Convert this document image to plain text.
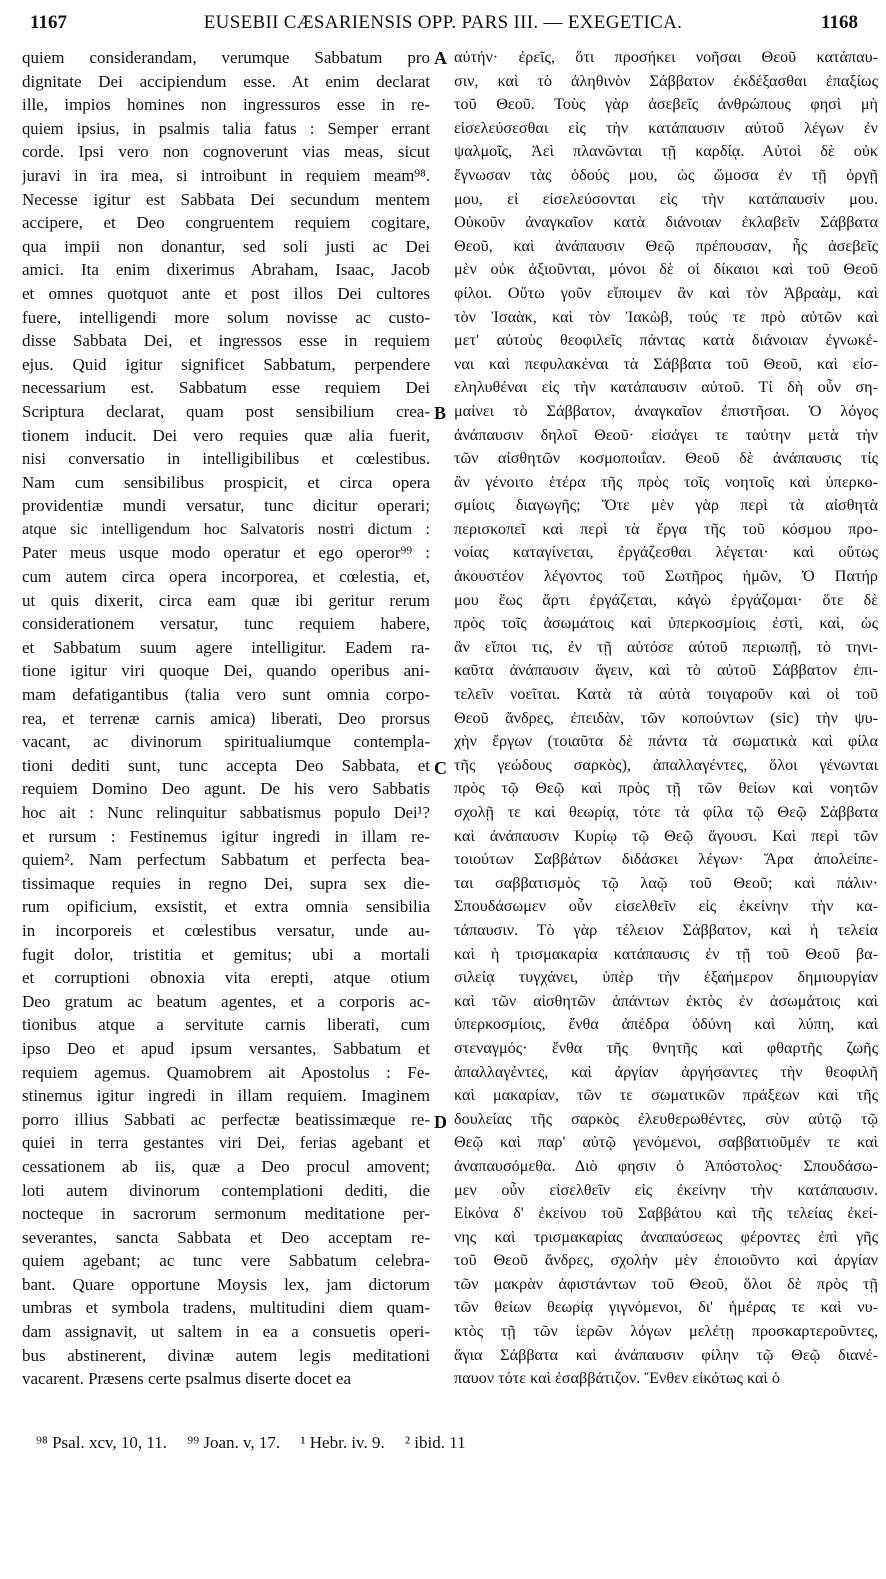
1167	EUSEBII CÆSARIENSIS OPP. PARS III. — EXEGETICA.	1168
quiem considerandam, verumque Sabbatum pro
dignitate Dei accipiendum esse. At enim declarat
ille, impios homines non ingressuros esse in re-
quiem ipsius, in psalmis talia fatus : Semper errant
corde. Ipsi vero non cognoverunt vias meas, sicut
juravi in ira mea, si introibunt in requiem meam⁹⁸.
Necesse igitur est Sabbata Dei secundum mentem
accipere, et Deo congruentem requiem cogitare,
qua impii non donantur, sed soli justi ac Dei
amici. Ita enim dixerimus Abraham, Isaac, Jacob
et omnes quotquot ante et post illos Dei cultores
fuere, intelligendi more solum novisse ac custo-
disse Sabbata Dei, et ingressos esse in requiem
ejus. Quid igitur significet Sabbatum, perpendere
necessarium est. Sabbatum esse requiem Dei
Scriptura declarat, quam post sensibilium crea-
tionem inducit. Dei vero requies quæ alia fuerit,
nisi conversatio in intelligibilibus et cœlestibus.
Nam cum sensibilibus prospicit, et circa opera
providentiæ mundi versatur, tunc dicitur operari;
atque sic intelligendum hoc Salvatoris nostri dictum :
Pater meus usque modo operatur et ego operor⁹⁹ :
cum autem circa opera incorporea, et cœlestia, et,
ut quis dixerit, circa eam quæ ibi geritur rerum
considerationem versatur, tunc requiem habere,
et Sabbatum suum agere intelligitur. Eadem ra-
tione igitur viri quoque Dei, quando operibus ani-
mam defatigantibus (talia vero sunt omnia corpo-
rea, et terrenæ carnis amica) liberati, Deo prorsus
vacant, ac divinorum spiritualiumque contempla-
tioni dediti sunt, tunc accepta Deo Sabbata, et
requiem Domino Deo agunt. De his vero Sabbatis
hoc ait : Nunc relinquitur sabbatismus populo Dei¹?
et rursum : Festinemus igitur ingredi in illam re-
quiem². Nam perfectum Sabbatum et perfecta bea-
tissimaque requies in regno Dei, supra sex die-
rum opificium, exsistit, et extra omnia sensibilia
in incorporeis et cœlestibus versatur, unde au-
fugit dolor, tristitia et gemitus; ubi a mortali
et corruptioni obnoxia vita erepti, atque otium
Deo gratum ac beatum agentes, et a corporis ac-
tionibus atque a servitute carnis liberati, cum
ipso Deo et apud ipsum versantes, Sabbatum et
requiem agemus. Quamobrem ait Apostolus : Fe-
stinemus igitur ingredi in illam requiem. Imaginem
porro illius Sabbati ac perfectæ beatissimæque re-
quiei in terra gestantes viri Dei, ferias agebant et
cessationem ab iis, quæ a Deo procul amovent;
loti autem divinorum contemplationi dediti, die
nocteque in sacrorum sermonum meditatione per-
severantes, sancta Sabbata et Deo acceptam re-
quiem agebant; ac tunc vere Sabbatum celebra-
bant. Quare opportune Moysis lex, jam dictorum
umbras et symbola tradens, multitudini diem quam-
dam assignavit, ut saltem in ea a consuetis operi-
bus abstinerent, divinæ autem legis meditationi
vacarent. Præsens certe psalmus diserte docet ea
αὐτήν· ἐρεῖς, ὅτι προσήκει νοῆσαι Θεοῦ κατάπαυ-
σιν, καὶ τὸ ἀληθινὸν Σάββατον ἐκδέξασθαι ἐπαξίως
τοῦ Θεοῦ. Τοὺς γὰρ ἀσεβεῖς ἀνθρώπους φησὶ μὴ
εἰσελεύσεσθαι εἰς τὴν κατάπαυσιν αὐτοῦ λέγων ἐν
ψαλμοῖς, Ἀεὶ πλανῶνται τῇ καρδίᾳ. Αὐτοὶ δὲ οὐκ
ἔγνωσαν τὰς ὁδούς μου, ὡς ὤμοσα ἐν τῇ ὀργῇ
μου, εἰ εἰσελεύσονται εἰς τὴν κατάπαυσίν μου.
Οὐκοῦν ἀναγκαῖον κατὰ διάνοιαν ἐκλαβεῖν Σάββατα
Θεοῦ, καὶ ἀνάπαυσιν Θεῷ πρέπουσαν, ἧς ἀσεβεῖς
μὲν οὐκ ἀξιοῦνται, μόνοι δὲ οἱ δίκαιοι καὶ τοῦ Θεοῦ
φίλοι. Οὕτω γοῦν εἴποιμεν ἂν καὶ τὸν Ἀβραὰμ, καὶ
τὸν Ἰσαὰκ, καὶ τὸν Ἰακὼβ, τούς τε πρὸ αὐτῶν καὶ
μετ' αὐτοὺς θεοφιλεῖς πάντας κατὰ διάνοιαν ἐγνωκέ-
ναι καὶ πεφυλακέναι τὰ Σάββατα τοῦ Θεοῦ, καὶ εἰσ-
εληλυθέναι εἰς τὴν κατάπαυσιν αὐτοῦ. Τί δὴ οὖν ση-
μαίνει τὸ Σάββατον, ἀναγκαῖον ἐπιστῆσαι. Ὁ λόγος
ἀνάπαυσιν δηλοῖ Θεοῦ· εἰσάγει τε ταύτην μετὰ τὴν
τῶν αἰσθητῶν κοσμοποιΐαν. Θεοῦ δὲ ἀνάπαυσις τίς
ἂν γένοιτο ἑτέρα τῆς πρὸς τοῖς νοητοῖς καὶ ὑπερκο-
σμίοις διαγωγῆς; Ὅτε μὲν γὰρ περὶ τὰ αἰσθητὰ
περισκοπεῖ καὶ περὶ τὰ ἔργα τῆς τοῦ κόσμου προ-
νοίας καταγίνεται, ἐργάζεσθαι λέγεται· καὶ οὕτως
ἀκουστέον λέγοντος τοῦ Σωτῆρος ἡμῶν, Ὁ Πατήρ
μου ἕως ἄρτι ἐργάζεται, κἀγὼ ἐργάζομαι· ὅτε δὲ
πρὸς τοῖς ἀσωμάτοις καὶ ὑπερκοσμίοις ἐστὶ, καὶ, ὡς
ἂν εἴποι τις, ἐν τῇ αὐτόσε αὐτοῦ περιωπῇ, τὸ τηνι-
καῦτα ἀνάπαυσιν ἄγειν, καὶ τὸ αὐτοῦ Σάββατον ἐπι-
τελεῖν νοεῖται. Κατὰ τὰ αὐτὰ τοιγαροῦν καὶ οἱ τοῦ
Θεοῦ ἄνδρες, ἐπειδὰν, τῶν κοπούντων (sic) τὴν ψυ-
χὴν ἔργων (τοιαῦτα δὲ πάντα τὰ σωματικὰ καὶ φίλα
τῆς γεώδους σαρκὸς), ἀπαλλαγέντες, ὅλοι γένωνται
πρὸς τῷ Θεῷ καὶ πρὸς τῇ τῶν θείων καὶ νοητῶν
σχολῇ τε καὶ θεωρίᾳ, τότε τὰ φίλα τῷ Θεῷ Σάββατα
καὶ ἀνάπαυσιν Κυρίῳ τῷ Θεῷ ἄγουσι. Καὶ περὶ τῶν
τοιούτων Σαββάτων διδάσκει λέγων· Ἄρα ἀπολείπε-
ται σαββατισμὸς τῷ λαῷ τοῦ Θεοῦ; καὶ πάλιν·
Σπουδάσωμεν οὖν εἰσελθεῖν εἰς ἐκείνην τὴν κα-
τάπαυσιν. Τὸ γὰρ τέλειον Σάββατον, καὶ ἡ τελεία
καὶ ἡ τρισμακαρία κατάπαυσις ἐν τῇ τοῦ Θεοῦ βα-
σιλείᾳ τυγχάνει, ὑπὲρ τὴν ἑξαήμερον δημιουργίαν
καὶ τῶν αἰσθητῶν ἁπάντων ἐκτὸς ἐν ἀσωμάτοις καὶ
ὑπερκοσμίοις, ἔνθα ἀπέδρα ὀδύνη καὶ λύπη, καὶ
στεναγμός· ἔνθα τῆς θνητῆς καὶ φθαρτῆς ζωῆς
ἀπαλλαγέντες, καὶ ἀργίαν ἀργήσαντες τὴν θεοφιλῆ
καὶ μακαρίαν, τῶν τε σωματικῶν πράξεων καὶ τῆς
δουλείας τῆς σαρκὸς ἐλευθερωθέντες, σὺν αὐτῷ τῷ
Θεῷ καὶ παρ' αὐτῷ γενόμενοι, σαββατιοῦμέν τε καὶ
ἀναπαυσόμεθα. Διὸ φησιν ὁ Ἀπόστολος· Σπουδάσω-
μεν οὖν εἰσελθεῖν εἰς ἐκείνην τὴν κατάπαυσιν.
Εἰκόνα δ' ἐκείνου τοῦ Σαββάτου καὶ τῆς τελείας ἐκεί-
νης καὶ τρισμακαρίας ἀναπαύσεως φέροντες ἐπὶ γῆς
τοῦ Θεοῦ ἄνδρες, σχολὴν μὲν ἐποιοῦντο καὶ ἀργίαν
τῶν μακρὰν ἀφιστάντων τοῦ Θεοῦ, ὅλοι δὲ πρὸς τῇ
τῶν θείων θεωρίᾳ γιγνόμενοι, δι' ἡμέρας τε καὶ νυ-
κτὸς τῇ τῶν ἱερῶν λόγων μελέτῃ προσκαρτεροῦντες,
ἅγια Σάββατα καὶ ἀνάπαυσιν φίλην τῷ Θεῷ διανέ-
παυον τότε καὶ ἐσαββάτιζον. Ἔνθεν εἰκότως καὶ ὁ
A
B
C
D
⁹⁸ Psal. xcv, 10, 11. ⁹⁹ Joan. v, 17. ¹ Hebr. iv. 9. ² ibid. 11
